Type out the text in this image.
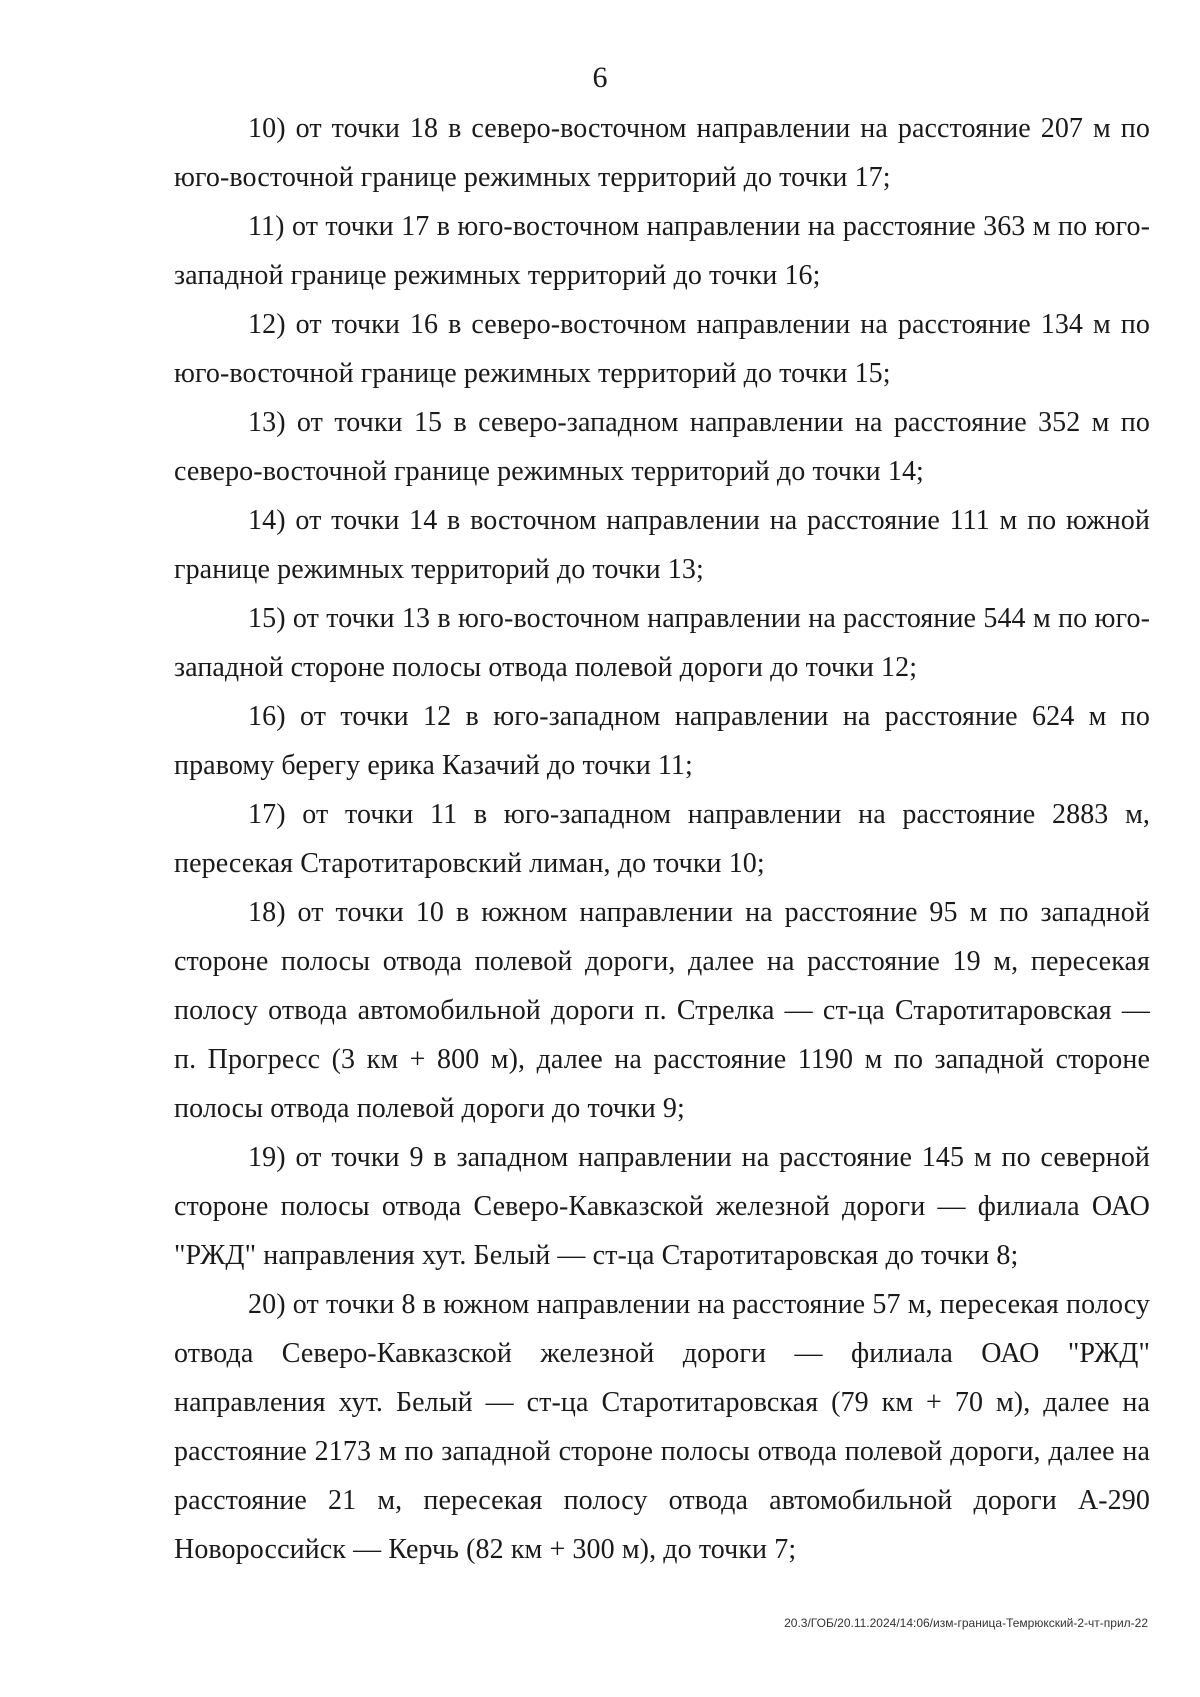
6

10) от точки 18 в северо-восточном направлении на расстояние 207 м по юго-восточной границе режимных территорий до точки 17;

11) от точки 17 в юго-восточном направлении на расстояние 363 м по юго-западной границе режимных территорий до точки 16;

12) от точки 16 в северо-восточном направлении на расстояние 134 м по юго-восточной границе режимных территорий до точки 15;

13) от точки 15 в северо-западном направлении на расстояние 352 м по северо-восточной границе режимных территорий до точки 14;

14) от точки 14 в восточном направлении на расстояние 111 м по южной границе режимных территорий до точки 13;

15) от точки 13 в юго-восточном направлении на расстояние 544 м по юго-западной стороне полосы отвода полевой дороги до точки 12;

16) от точки 12 в юго-западном направлении на расстояние 624 м по правому берегу ерика Казачий до точки 11;

17) от точки 11 в юго-западном направлении на расстояние 2883 м, пересекая Старотитаровский лиман, до точки 10;

18) от точки 10 в южном направлении на расстояние 95 м по западной стороне полосы отвода полевой дороги, далее на расстояние 19 м, пересекая полосу отвода автомобильной дороги п. Стрелка — ст-ца Старотитаровская — п. Прогресс (3 км + 800 м), далее на расстояние 1190 м по западной стороне полосы отвода полевой дороги до точки 9;

19) от точки 9 в западном направлении на расстояние 145 м по северной стороне полосы отвода Северо-Кавказской железной дороги — филиала ОАО "РЖД" направления хут. Белый — ст-ца Старотитаровская до точки 8;

20) от точки 8 в южном направлении на расстояние 57 м, пересекая полосу отвода Северо-Кавказской железной дороги — филиала ОАО "РЖД" направления хут. Белый — ст-ца Старотитаровская (79 км + 70 м), далее на расстояние 2173 м по западной стороне полосы отвода полевой дороги, далее на расстояние 21 м, пересекая полосу отвода автомобильной дороги А-290 Новороссийск — Керчь (82 км + 300 м), до точки 7;

20.3/ГОБ/20.11.2024/14:06/изм-граница-Темрюкский-2-чт-прил-22
